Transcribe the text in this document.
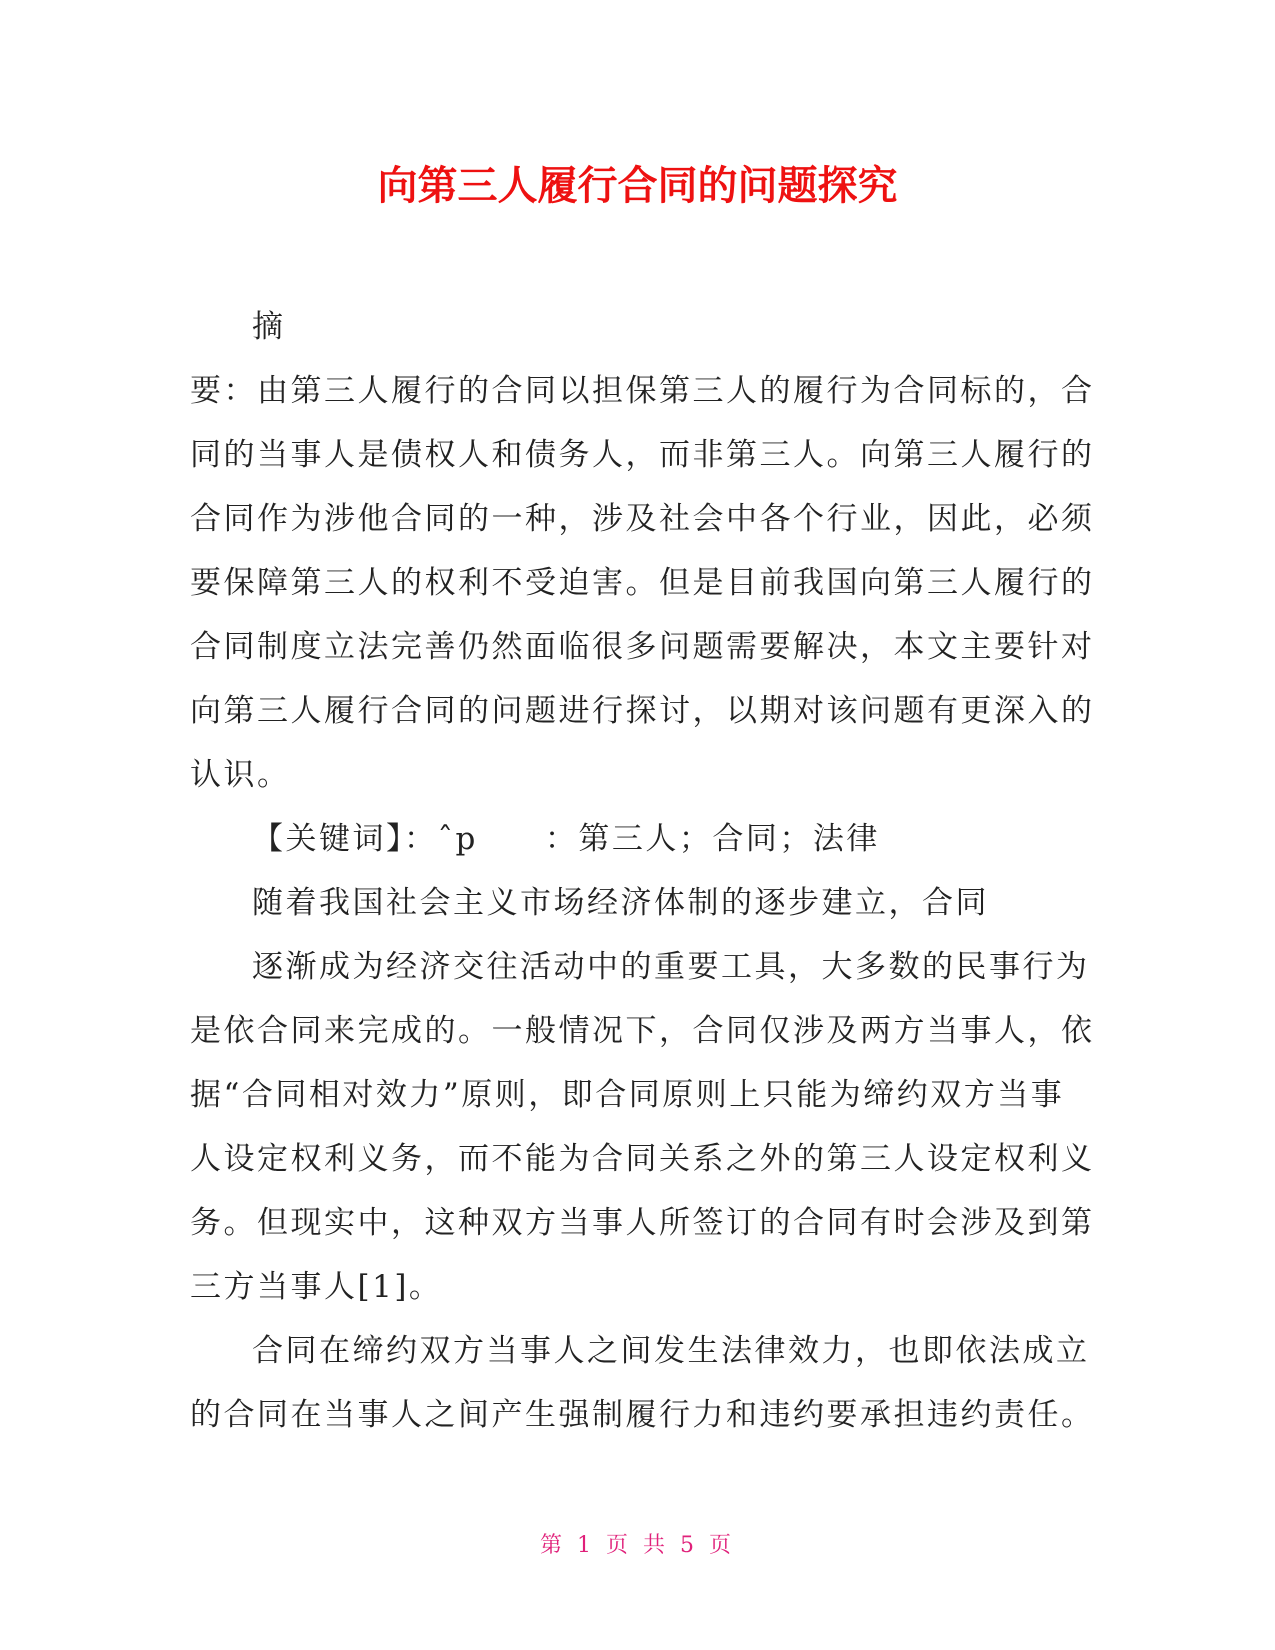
向第三人履行合同的问题探究
摘
要：由第三人履行的合同以担保第三人的履行为合同标的，合
同的当事人是债权人和债务人，而非第三人。向第三人履行的
合同作为涉他合同的一种，涉及社会中各个行业，因此，必须
要保障第三人的权利不受迫害。但是目前我国向第三人履行的
合同制度立法完善仍然面临很多问题需要解决，本文主要针对
向第三人履行合同的问题进行探讨，以期对该问题有更深入的
认识。
【关键词】：ˆp　　：第三人；合同；法律
随着我国社会主义市场经济体制的逐步建立，合同
逐渐成为经济交往活动中的重要工具，大多数的民事行为
是依合同来完成的。一般情况下，合同仅涉及两方当事人，依
据“合同相对效力”原则，即合同原则上只能为缔约双方当事
人设定权利义务，而不能为合同关系之外的第三人设定权利义
务。但现实中，这种双方当事人所签订的合同有时会涉及到第
三方当事人[1]。
合同在缔约双方当事人之间发生法律效力，也即依法成立
的合同在当事人之间产生强制履行力和违约要承担违约责任。
第 1 页 共 5 页
